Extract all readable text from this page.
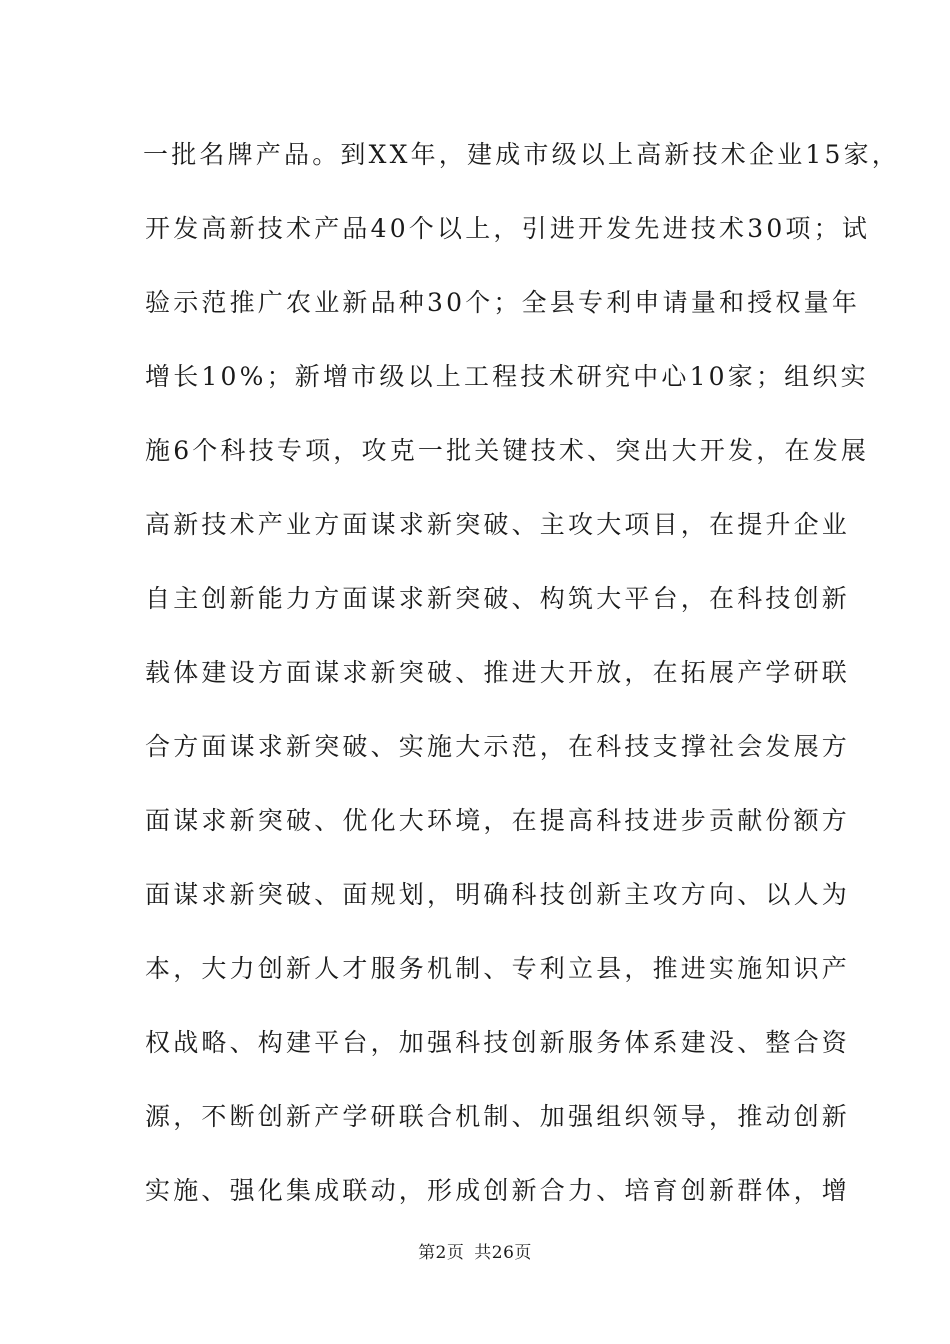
一批名牌产品。到XX年，建成市级以上高新技术企业15家，
开发高新技术产品40个以上，引进开发先进技术30项；试
验示范推广农业新品种30个；全县专利申请量和授权量年
增长10%；新增市级以上工程技术研究中心10家；组织实
施6个科技专项，攻克一批关键技术、突出大开发，在发展
高新技术产业方面谋求新突破、主攻大项目，在提升企业
自主创新能力方面谋求新突破、构筑大平台，在科技创新
载体建设方面谋求新突破、推进大开放，在拓展产学研联
合方面谋求新突破、实施大示范，在科技支撑社会发展方
面谋求新突破、优化大环境，在提高科技进步贡献份额方
面谋求新突破、面规划，明确科技创新主攻方向、以人为
本，大力创新人才服务机制、专利立县，推进实施知识产
权战略、构建平台，加强科技创新服务体系建没、整合资
源，不断创新产学研联合机制、加强组织领导，推动创新
实施、强化集成联动，形成创新合力、培育创新群体，增
第2页 共26页
